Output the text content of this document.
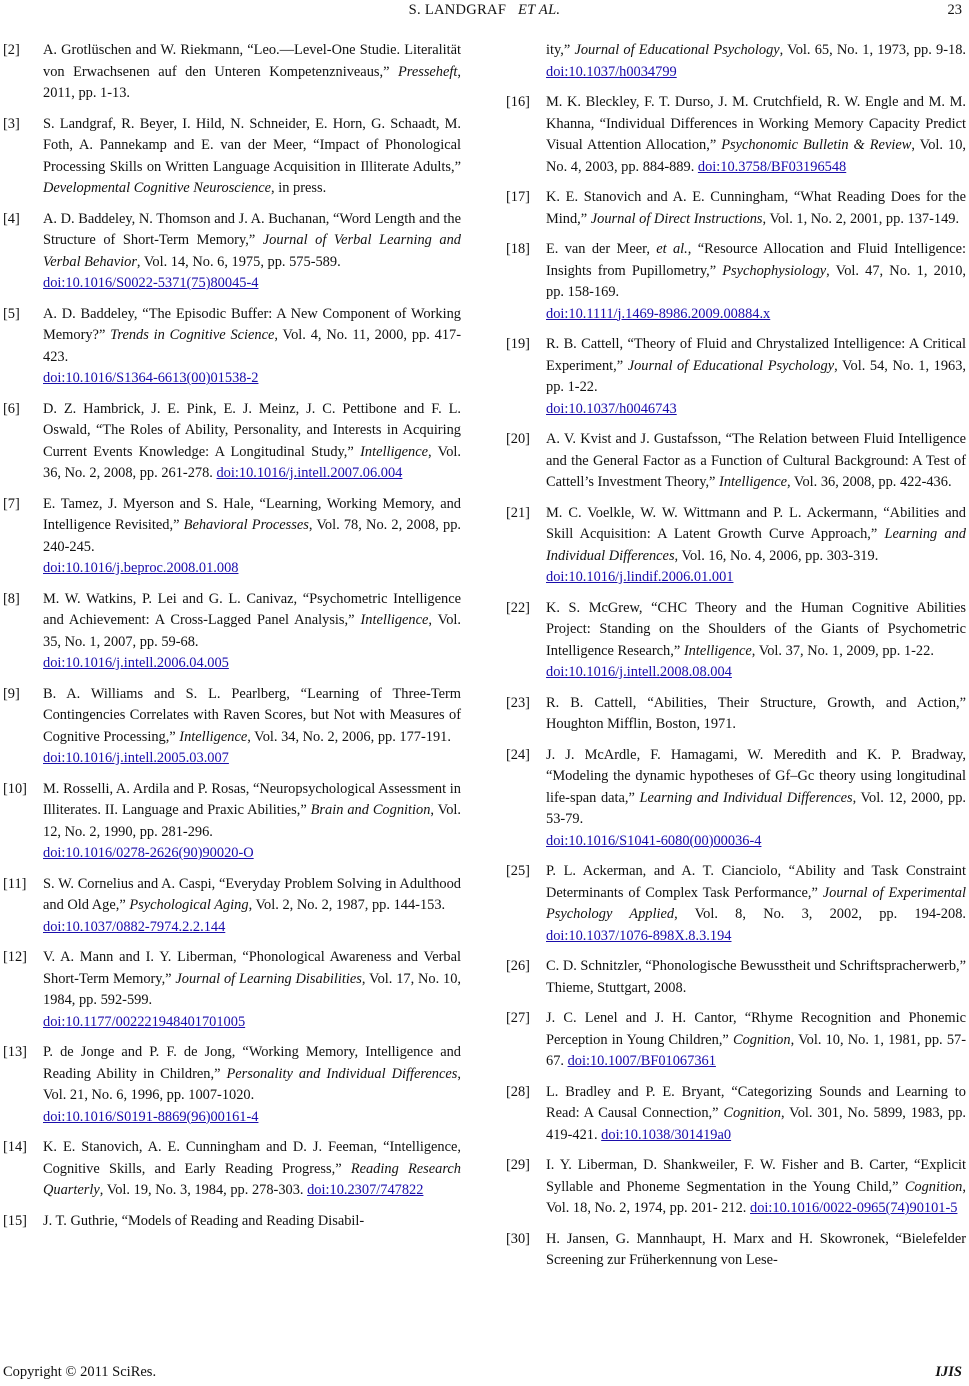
S. LANDGRAF ET AL.	23
[2] A. Grotlüschen and W. Riekmann, “Leo.—Level-One Studie. Literalität von Erwachsenen auf den Unteren Kompetenzniveaus,” Presseheft, 2011, pp. 1-13.
[3] S. Landgraf, R. Beyer, I. Hild, N. Schneider, E. Horn, G. Schaadt, M. Foth, A. Pannekamp and E. van der Meer, “Impact of Phonological Processing Skills on Written Language Acquisition in Illiterate Adults,” Developmental Cognitive Neuroscience, in press.
[4] A. D. Baddeley, N. Thomson and J. A. Buchanan, “Word Length and the Structure of Short-Term Memory,” Journal of Verbal Learning and Verbal Behavior, Vol. 14, No. 6, 1975, pp. 575-589.
doi:10.1016/S0022-5371(75)80045-4
[5] A. D. Baddeley, “The Episodic Buffer: A New Component of Working Memory?” Trends in Cognitive Science, Vol. 4, No. 11, 2000, pp. 417-423.
doi:10.1016/S1364-6613(00)01538-2
[6] D. Z. Hambrick, J. E. Pink, E. J. Meinz, J. C. Pettibone and F. L. Oswald, “The Roles of Ability, Personality, and Interests in Acquiring Current Events Knowledge: A Longitudinal Study,” Intelligence, Vol. 36, No. 2, 2008, pp. 261-278. doi:10.1016/j.intell.2007.06.004
[7] E. Tamez, J. Myerson and S. Hale, “Learning, Working Memory, and Intelligence Revisited,” Behavioral Processes, Vol. 78, No. 2, 2008, pp. 240-245.
doi:10.1016/j.beproc.2008.01.008
[8] M. W. Watkins, P. Lei and G. L. Canivaz, “Psychometric Intelligence and Achievement: A Cross-Lagged Panel Analysis,” Intelligence, Vol. 35, No. 1, 2007, pp. 59-68.
doi:10.1016/j.intell.2006.04.005
[9] B. A. Williams and S. L. Pearlberg, “Learning of Three-Term Contingencies Correlates with Raven Scores, but Not with Measures of Cognitive Processing,” Intelligence, Vol. 34, No. 2, 2006, pp. 177-191.
doi:10.1016/j.intell.2005.03.007
[10] M. Rosselli, A. Ardila and P. Rosas, “Neuropsychological Assessment in Illiterates. II. Language and Praxic Abilities,” Brain and Cognition, Vol. 12, No. 2, 1990, pp. 281-296.
doi:10.1016/0278-2626(90)90020-O
[11] S. W. Cornelius and A. Caspi, “Everyday Problem Solving in Adulthood and Old Age,” Psychological Aging, Vol. 2, No. 2, 1987, pp. 144-153.
doi:10.1037/0882-7974.2.2.144
[12] V. A. Mann and I. Y. Liberman, “Phonological Awareness and Verbal Short-Term Memory,” Journal of Learning Disabilities, Vol. 17, No. 10, 1984, pp. 592-599.
doi:10.1177/002221948401701005
[13] P. de Jonge and P. F. de Jong, “Working Memory, Intelligence and Reading Ability in Children,” Personality and Individual Differences, Vol. 21, No. 6, 1996, pp. 1007-1020.
doi:10.1016/S0191-8869(96)00161-4
[14] K. E. Stanovich, A. E. Cunningham and D. J. Feeman, “Intelligence, Cognitive Skills, and Early Reading Progress,” Reading Research Quarterly, Vol. 19, No. 3, 1984, pp. 278-303. doi:10.2307/747822
[15] J. T. Guthrie, “Models of Reading and Reading Disabil-
ity,” Journal of Educational Psychology, Vol. 65, No. 1, 1973, pp. 9-18. doi:10.1037/h0034799
[16] M. K. Bleckley, F. T. Durso, J. M. Crutchfield, R. W. Engle and M. M. Khanna, “Individual Differences in Working Memory Capacity Predict Visual Attention Allocation,” Psychonomic Bulletin & Review, Vol. 10, No. 4, 2003, pp. 884-889. doi:10.3758/BF03196548
[17] K. E. Stanovich and A. E. Cunningham, “What Reading Does for the Mind,” Journal of Direct Instructions, Vol. 1, No. 2, 2001, pp. 137-149.
[18] E. van der Meer, et al., “Resource Allocation and Fluid Intelligence: Insights from Pupillometry,” Psychophysiology, Vol. 47, No. 1, 2010, pp. 158-169.
doi:10.1111/j.1469-8986.2009.00884.x
[19] R. B. Cattell, “Theory of Fluid and Chrystalized Intelligence: A Critical Experiment,” Journal of Educational Psychology, Vol. 54, No. 1, 1963, pp. 1-22.
doi:10.1037/h0046743
[20] A. V. Kvist and J. Gustafsson, “The Relation between Fluid Intelligence and the General Factor as a Function of Cultural Background: A Test of Cattell’s Investment Theory,” Intelligence, Vol. 36, 2008, pp. 422-436.
[21] M. C. Voelkle, W. W. Wittmann and P. L. Ackermann, “Abilities and Skill Acquisition: A Latent Growth Curve Approach,” Learning and Individual Differences, Vol. 16, No. 4, 2006, pp. 303-319.
doi:10.1016/j.lindif.2006.01.001
[22] K. S. McGrew, “CHC Theory and the Human Cognitive Abilities Project: Standing on the Shoulders of the Giants of Psychometric Intelligence Research,” Intelligence, Vol. 37, No. 1, 2009, pp. 1-22.
doi:10.1016/j.intell.2008.08.004
[23] R. B. Cattell, “Abilities, Their Structure, Growth, and Action,” Houghton Mifflin, Boston, 1971.
[24] J. J. McArdle, F. Hamagami, W. Meredith and K. P. Bradway, “Modeling the dynamic hypotheses of Gf–Gc theory using longitudinal life-span data,” Learning and Individual Differences, Vol. 12, 2000, pp. 53-79.
doi:10.1016/S1041-6080(00)00036-4
[25] P. L. Ackerman, and A. T. Cianciolo, “Ability and Task Constraint Determinants of Complex Task Performance,” Journal of Experimental Psychology Applied, Vol. 8, No. 3, 2002, pp. 194-208. doi:10.1037/1076-898X.8.3.194
[26] C. D. Schnitzler, “Phonologische Bewusstheit und Schriftspracherwerb,” Thieme, Stuttgart, 2008.
[27] J. C. Lenel and J. H. Cantor, “Rhyme Recognition and Phonemic Perception in Young Children,” Cognition, Vol. 10, No. 1, 1981, pp. 57-67. doi:10.1007/BF01067361
[28] L. Bradley and P. E. Bryant, “Categorizing Sounds and Learning to Read: A Causal Connection,” Cognition, Vol. 301, No. 5899, 1983, pp. 419-421. doi:10.1038/301419a0
[29] I. Y. Liberman, D. Shankweiler, F. W. Fisher and B. Carter, “Explicit Syllable and Phoneme Segmentation in the Young Child,” Cognition, Vol. 18, No. 2, 1974, pp. 201- 212. doi:10.1016/0022-0965(74)90101-5
[30] H. Jansen, G. Mannhaupt, H. Marx and H. Skowronek, “Bielefelder Screening zur Früherkennung von Lese-
Copyright © 2011 SciRes.	IJIS
